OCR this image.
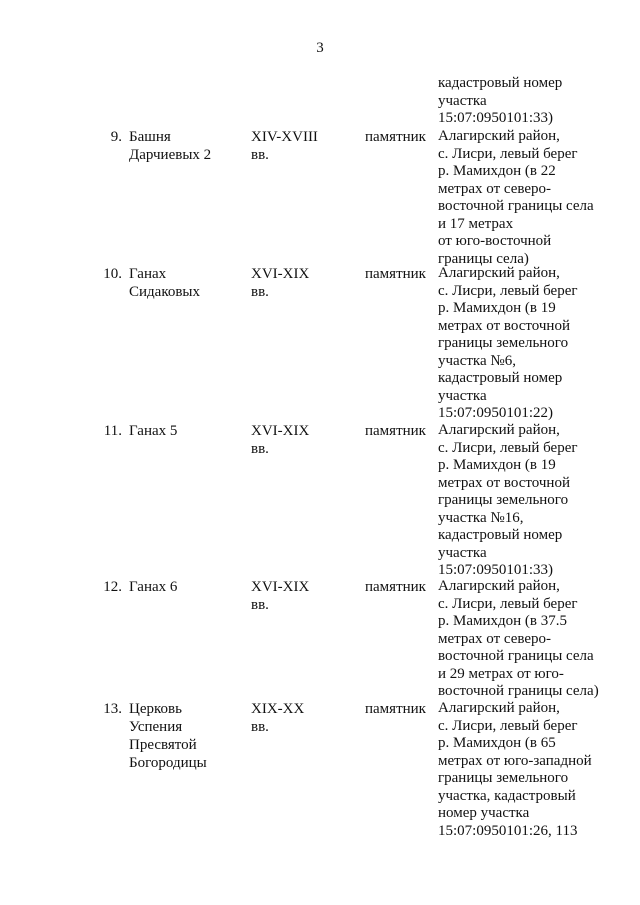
3
кадастровый номер
участка
15:07:0950101:33)
9. Башня
Дарчиевых 2
XIV-XVIII
вв.
памятник Алагирский район,
с. Лисри, левый берег
р. Мамихдон (в 22
метрах от северо-
восточной границы села
и 17 метрах
от юго-восточной
границы села)
10. Ганах
Сидаковых
XVI-XIX
вв.
памятник Алагирский район,
с. Лисри, левый берег
р. Мамихдон (в 19
метрах от восточной
границы земельного
участка №6,
кадастровый номер
участка
15:07:0950101:22)
11. Ганах 5	XVI-XIX
вв.
памятник Алагирский район,
с. Лисри, левый берег
р. Мамихдон (в 19
метрах от восточной
границы земельного
участка №16,
кадастровый номер
участка
15:07:0950101:33)
12. Ганах 6	XVI-XIX
вв.
памятник Алагирский район,
с. Лисри, левый берег
р. Мамихдон (в 37.5
метрах от северо-
восточной границы села
и 29 метрах от юго-
восточной границы села)
13. Церковь
Успения
Пресвятой
Богородицы
XIX-XX
вв.
памятник Алагирский район,
с. Лисри, левый берег
р. Мамихдон (в 65
метрах от юго-западной
границы земельного
участка, кадастровый
номер участка
15:07:0950101:26, 113
